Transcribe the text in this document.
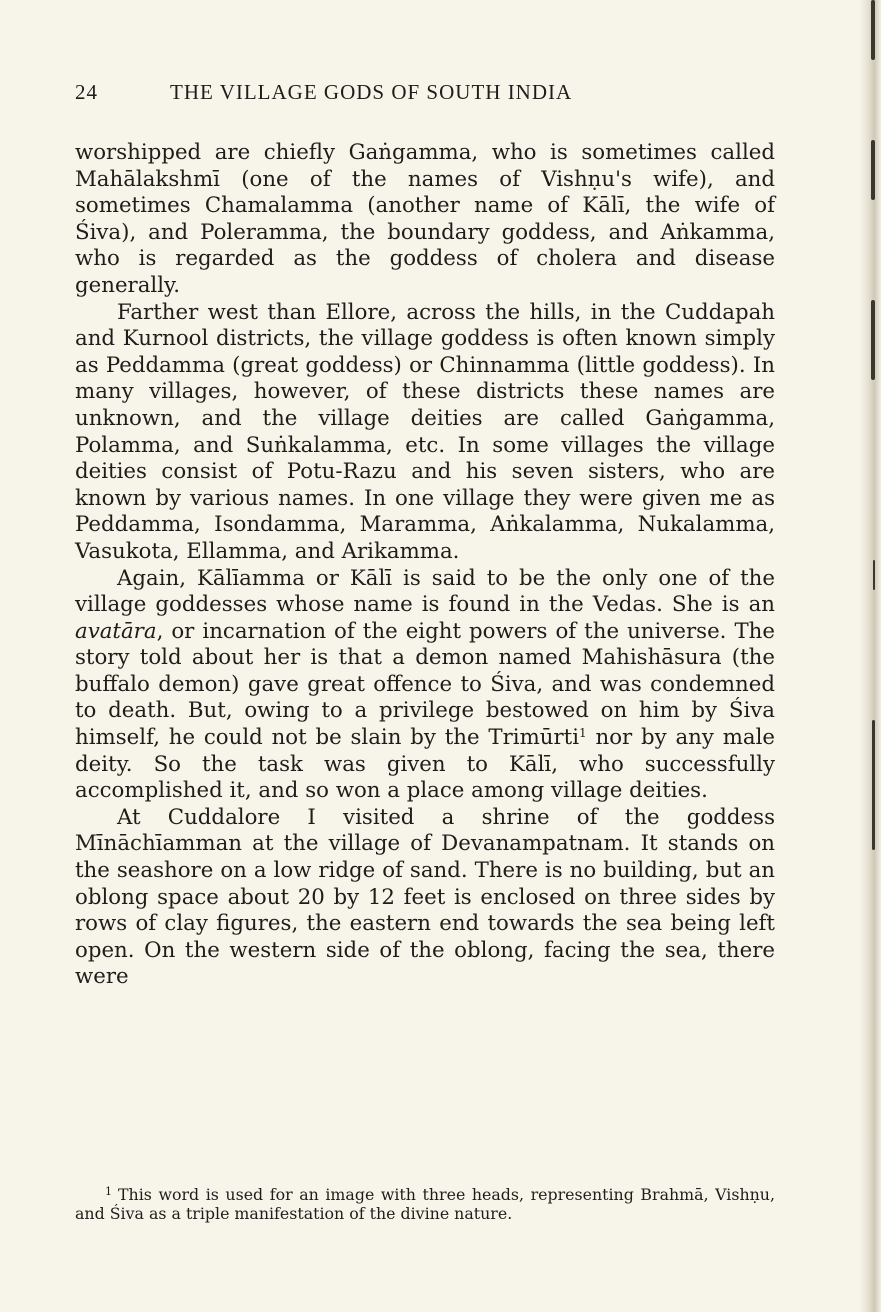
24	THE VILLAGE GODS OF SOUTH INDIA

worshipped are chiefly Gaṅgamma, who is sometimes called Mahālakshmī (one of the names of Vishṇu's wife), and sometimes Chamalamma (another name of Kālī, the wife of Śiva), and Poleramma, the boundary goddess, and Aṅkamma, who is regarded as the goddess of cholera and disease generally.

Farther west than Ellore, across the hills, in the Cuddapah and Kurnool districts, the village goddess is often known simply as Peddamma (great goddess) or Chinnamma (little goddess). In many villages, however, of these districts these names are unknown, and the village deities are called Gaṅgamma, Polamma, and Suṅkalamma, etc. In some villages the village deities consist of Potu-Razu and his seven sisters, who are known by various names. In one village they were given me as Peddamma, Isondamma, Maramma, Aṅkalamma, Nukalamma, Vasukota, Ellamma, and Arikamma.

Again, Kālīamma or Kālī is said to be the only one of the village goddesses whose name is found in the Vedas. She is an avatāra, or incarnation of the eight powers of the universe. The story told about her is that a demon named Mahishāsura (the buffalo demon) gave great offence to Śiva, and was condemned to death. But, owing to a privilege bestowed on him by Śiva himself, he could not be slain by the Trimūrti$^1$ nor by any male deity. So the task was given to Kālī, who successfully accomplished it, and so won a place among village deities.

At Cuddalore I visited a shrine of the goddess Mīnāchīamman at the village of Devanampatnam. It stands on the seashore on a low ridge of sand. There is no building, but an oblong space about 20 by 12 feet is enclosed on three sides by rows of clay figures, the eastern end towards the sea being left open. On the western side of the oblong, facing the sea, there were

$^1$ This word is used for an image with three heads, representing Brahmā, Vishṇu, and Śiva as a triple manifestation of the divine nature.
